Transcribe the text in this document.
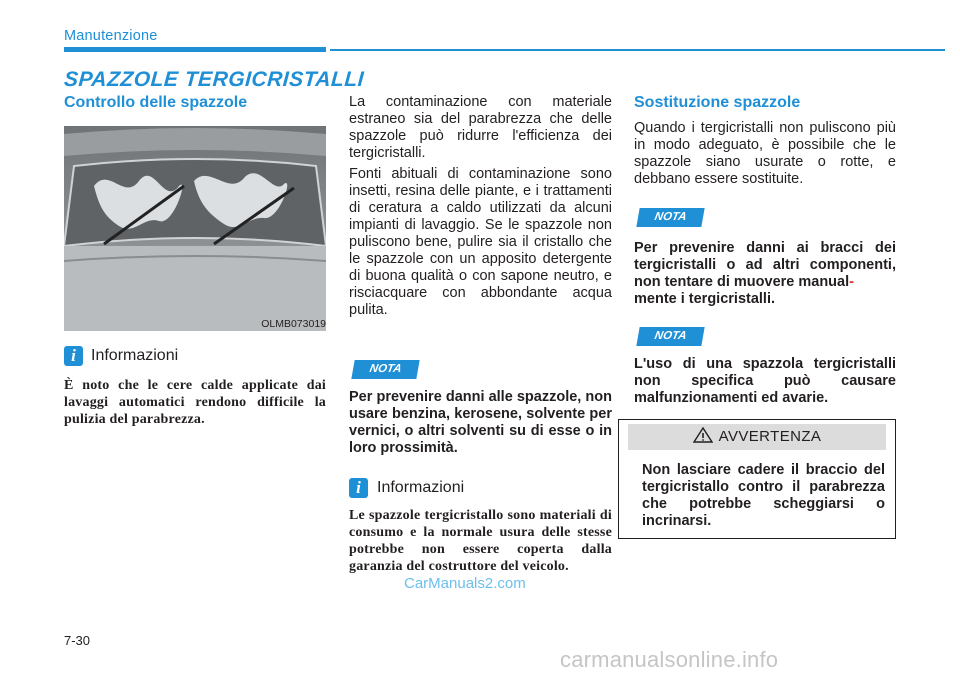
Manutenzione
SPAZZOLE TERGICRISTALLI
Controllo delle spazzole
OLMB073019
i Informazioni
È noto che le cere calde applicate dai lavaggi automatici rendono difficile la pulizia del parabrezza.
La contaminazione con materiale estraneo sia del parabrezza che delle spazzole può ridurre l'efficienza dei tergicristalli.
Fonti abituali di contaminazione sono insetti, resina delle piante, e i trattamenti di ceratura a caldo utilizzati da alcuni impianti di lavaggio. Se le spazzole non puliscono bene, pulire sia il cristallo che le spazzole con un apposito detergente di buona qualità o con sapone neutro, e risciacquare con abbondante acqua pulita.
NOTA
Per prevenire danni alle spazzole, non usare benzina, kerosene, solvente per vernici, o altri solventi su di esse o in loro prossimità.
i	Informazioni
Le spazzole tergicristallo sono materiali di consumo e la normale usura delle stesse potrebbe non essere coperta dalla garanzia del costruttore del veicolo.
Sostituzione spazzole
Quando i tergicristalli non puliscono più in modo adeguato, è possibile che le spazzole siano usurate o rotte, e debbano essere sostituite.
NOTA
Per prevenire danni ai bracci dei tergicristalli o ad altri componenti, non tentare di muovere manual-
mente i tergicristalli.
NOTA
L'uso di una spazzola tergicristalli non specifica può causare malfunzionamenti ed avarie.
AVVERTENZA
Non lasciare cadere il braccio del tergicristallo contro il parabrezza che potrebbe scheggiarsi o incrinarsi.
CarManuals2.com
7-30
carmanualsonline.info
